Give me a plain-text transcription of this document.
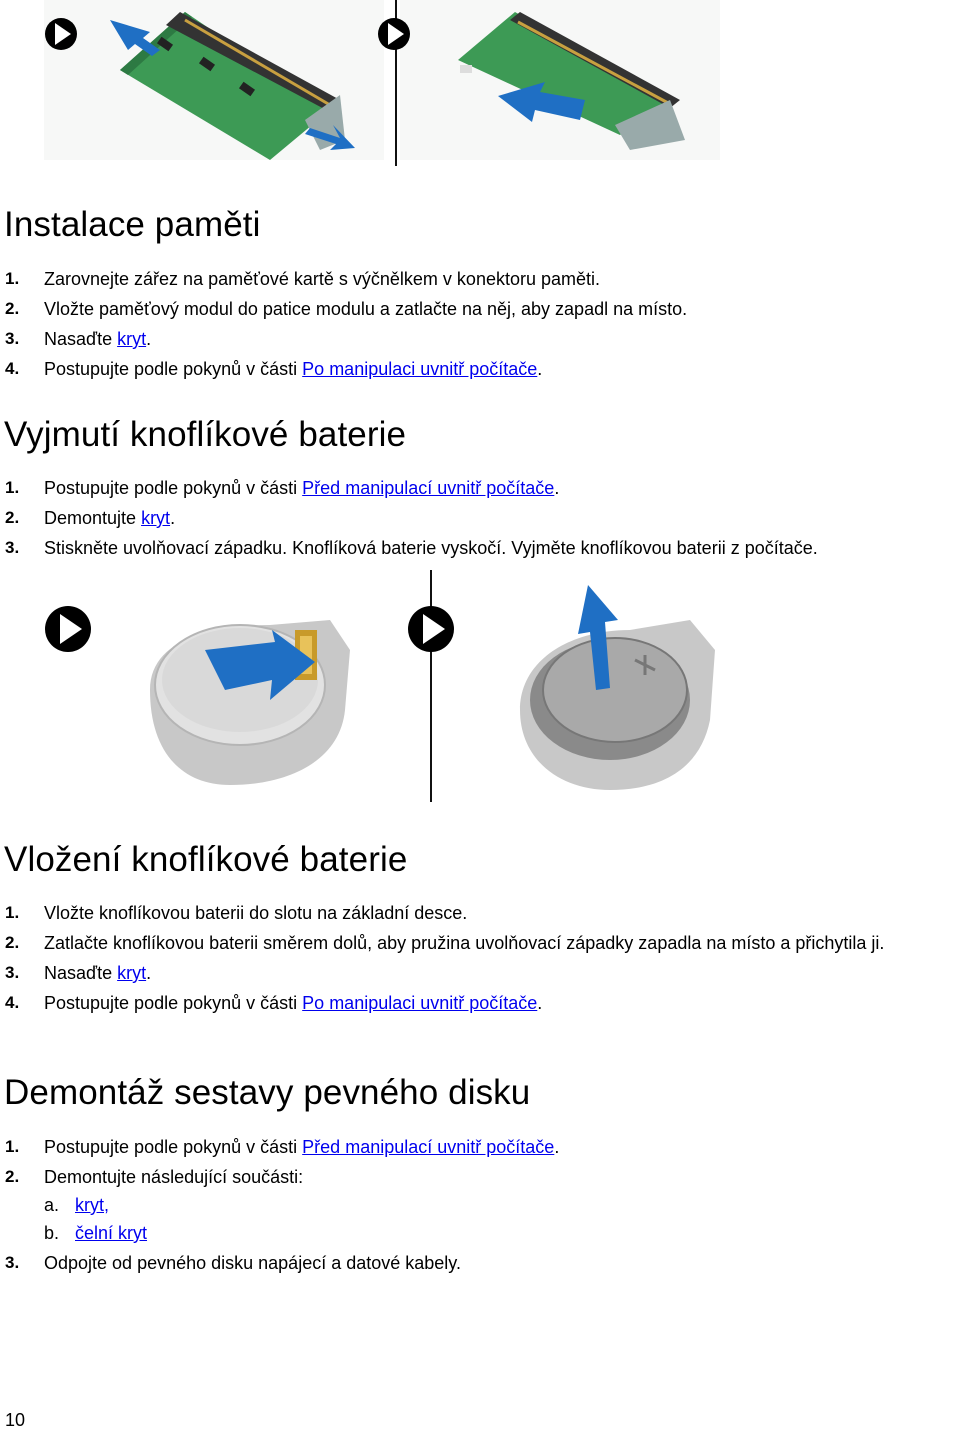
Instalace paměti
1. Zarovnejte zářez na paměťové kartě s výčnělkem v konektoru paměti.
2. Vložte paměťový modul do patice modulu a zatlačte na něj, aby zapadl na místo.
3. Nasaďte kryt.
4. Postupujte podle pokynů v části Po manipulaci uvnitř počítače.
Vyjmutí knoflíkové baterie
1. Postupujte podle pokynů v části Před manipulací uvnitř počítače.
2. Demontujte kryt.
3. Stiskněte uvolňovací západku. Knoflíková baterie vyskočí. Vyjměte knoflíkovou baterii z počítače.
Vložení knoflíkové baterie
1. Vložte knoflíkovou baterii do slotu na základní desce.
2. Zatlačte knoflíkovou baterii směrem dolů, aby pružina uvolňovací západky zapadla na místo a přichytila ji.
3. Nasaďte kryt.
4. Postupujte podle pokynů v části Po manipulaci uvnitř počítače.
Demontáž sestavy pevného disku
1. Postupujte podle pokynů v části Před manipulací uvnitř počítače.
2. Demontujte následující součásti:
a. kryt,
b. čelní kryt
3. Odpojte od pevného disku napájecí a datové kabely.
10
